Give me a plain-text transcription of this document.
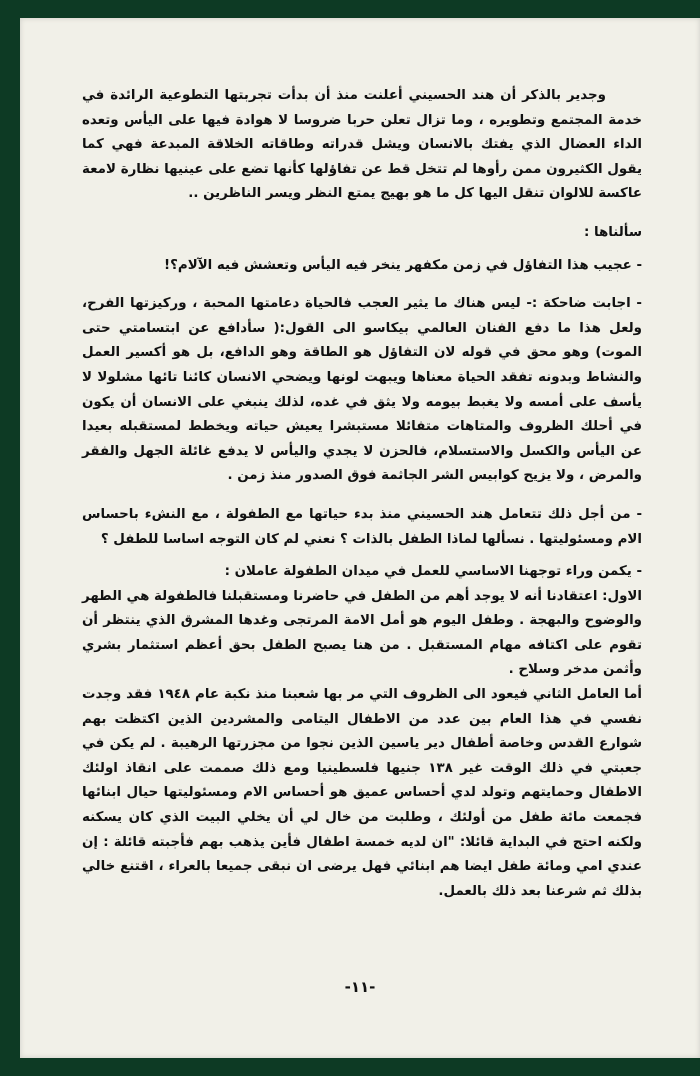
وجدير بالذكر أن هند الحسيني أعلنت منذ أن بدأت تجربتها التطوعية الرائدة في خدمة المجتمع وتطويره ، وما تزال تعلن حربا ضروسا لا هوادة فيها على اليأس وتعده الداء العضال الذي يفتك بالانسان ويشل قدراته وطاقاته الخلاقة المبدعة فهي كما يقول الكثيرون ممن رأوها لم تتخل قط عن تفاؤلها كأنها تضع على عينيها نظارة لامعة عاكسة للالوان تنقل اليها كل ما هو بهيج يمتع النظر ويسر الناظرين ..

سألناها :

- عجيب هذا التفاؤل في زمن مكفهر ينخر فيه اليأس وتعشش فيه الآلام؟!

- اجابت ضاحكة :- ليس هناك ما يثير العجب فالحياة دعامتها المحبة ، وركيزتها الفرح، ولعل هذا ما دفع الفنان العالمي بيكاسو الى القول:( سأدافع عن ابتسامتي حتى الموت) وهو محق في قوله لان التفاؤل هو الطاقة وهو الدافع، بل هو أكسير العمل والنشاط وبدونه تفقد الحياة معناها ويبهت لونها ويضحي الانسان كائنا تائها مشلولا لا يأسف على أمسه ولا يغبط بيومه ولا يثق في غده، لذلك ينبغي على الانسان أن يكون في أحلك الظروف والمتاهات متفائلا مستبشرا يعيش حياته ويخطط لمستقبله بعيدا عن اليأس والكسل والاستسلام، فالحزن لا يجدي واليأس لا يدفع غائلة الجهل والفقر والمرض ، ولا يزيح كوابيس الشر الجاثمة فوق الصدور منذ زمن .

- من أجل ذلك تتعامل هند الحسيني منذ بدء حياتها مع الطفولة ، مع النشء باحساس الام ومسئوليتها . نسألها لماذا الطفل بالذات ؟ نعني لم كان التوجه اساسا للطفل ؟

- يكمن وراء توجهنا الاساسي للعمل في ميدان الطفولة عاملان :

الاول: اعتقادنا أنه لا يوجد أهم من الطفل في حاضرنا ومستقبلنا فالطفولة هي الطهر والوضوح والبهجة . وطفل اليوم هو أمل الامة المرتجى وغدها المشرق الذي ينتظر أن تقوم على اكتافه مهام المستقبل . من هنا يصبح الطفل بحق أعظم استثمار بشري وأثمن مدخر وسلاح .

أما العامل الثاني فيعود الى الظروف التي مر بها شعبنا منذ نكبة عام ١٩٤٨ فقد وجدت نفسي في هذا العام بين عدد من الاطفال اليتامى والمشردين الذين اكتظت بهم شوارع القدس وخاصة أطفال دير ياسين الذين نجوا من مجزرتها الرهيبة . لم يكن في جعبتي في ذلك الوقت غير ١٣٨ جنيها فلسطينيا ومع ذلك صممت على انقاذ اولئك الاطفال وحمايتهم وتولد لدي أحساس عميق هو أحساس الام ومسئوليتها حيال ابنائها فجمعت مائة طفل من أولئك ، وطلبت من خال لي أن يخلي البيت الذي كان يسكنه ولكنه احتج في البداية قائلا: "ان لديه خمسة اطفال فأين يذهب بهم فأجبته قائلة : إن عندي امي ومائة طفل ايضا هم ابنائي فهل يرضى ان نبقى جميعا بالعراء ، اقتنع خالي بذلك ثم شرعنا بعد ذلك بالعمل.

-١١-
